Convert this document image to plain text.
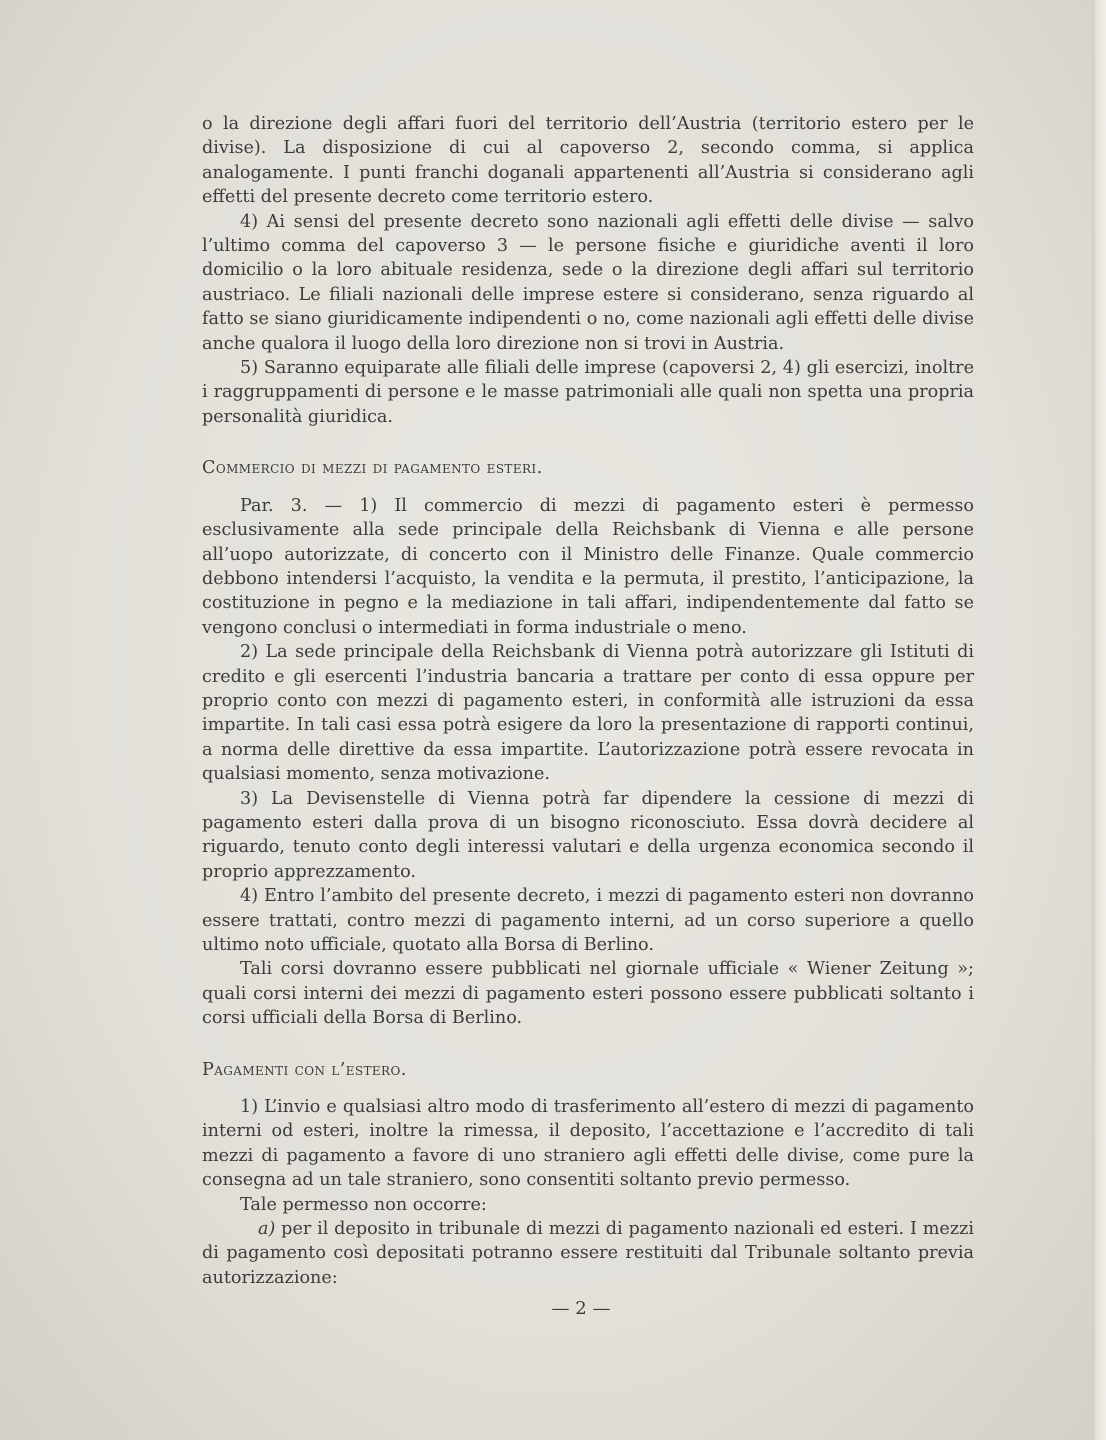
o la direzione degli affari fuori del territorio dell’Austria (territorio estero per le divise). La disposizione di cui al capoverso 2, secondo comma, si applica analogamente. I punti franchi doganali appartenenti all’Austria si considerano agli effetti del presente decreto come territorio estero.

4) Ai sensi del presente decreto sono nazionali agli effetti delle divise — salvo l’ultimo comma del capoverso 3 — le persone fisiche e giuridiche aventi il loro domicilio o la loro abituale residenza, sede o la direzione degli affari sul territorio austriaco. Le filiali nazionali delle imprese estere si considerano, senza riguardo al fatto se siano giuridicamente indipendenti o no, come nazionali agli effetti delle divise anche qualora il luogo della loro direzione non si trovi in Austria.

5) Saranno equiparate alle filiali delle imprese (capoversi 2, 4) gli esercizi, inoltre i raggruppamenti di persone e le masse patrimoniali alle quali non spetta una propria personalità giuridica.

Commercio di mezzi di pagamento esteri.

Par. 3. — 1) Il commercio di mezzi di pagamento esteri è permesso esclusivamente alla sede principale della Reichsbank di Vienna e alle persone all’uopo autorizzate, di concerto con il Ministro delle Finanze. Quale commercio debbono intendersi l’acquisto, la vendita e la permuta, il prestito, l’anticipazione, la costituzione in pegno e la mediazione in tali affari, indipendentemente dal fatto se vengono conclusi o intermediati in forma industriale o meno.

2) La sede principale della Reichsbank di Vienna potrà autorizzare gli Istituti di credito e gli esercenti l’industria bancaria a trattare per conto di essa oppure per proprio conto con mezzi di pagamento esteri, in conformità alle istruzioni da essa impartite. In tali casi essa potrà esigere da loro la presentazione di rapporti continui, a norma delle direttive da essa impartite. L’autorizzazione potrà essere revocata in qualsiasi momento, senza motivazione.

3) La Devisenstelle di Vienna potrà far dipendere la cessione di mezzi di pagamento esteri dalla prova di un bisogno riconosciuto. Essa dovrà decidere al riguardo, tenuto conto degli interessi valutari e della urgenza economica secondo il proprio apprezzamento.

4) Entro l’ambito del presente decreto, i mezzi di pagamento esteri non dovranno essere trattati, contro mezzi di pagamento interni, ad un corso superiore a quello ultimo noto ufficiale, quotato alla Borsa di Berlino.

Tali corsi dovranno essere pubblicati nel giornale ufficiale « Wiener Zeitung »; quali corsi interni dei mezzi di pagamento esteri possono essere pubblicati soltanto i corsi ufficiali della Borsa di Berlino.

Pagamenti con l’estero.

1) L’invio e qualsiasi altro modo di trasferimento all’estero di mezzi di pagamento interni od esteri, inoltre la rimessa, il deposito, l’accettazione e l’accredito di tali mezzi di pagamento a favore di uno straniero agli effetti delle divise, come pure la consegna ad un tale straniero, sono consentiti soltanto previo permesso.

Tale permesso non occorre:

a) per il deposito in tribunale di mezzi di pagamento nazionali ed esteri. I mezzi di pagamento così depositati potranno essere restituiti dal Tribunale soltanto previa autorizzazione:

— 2 —
